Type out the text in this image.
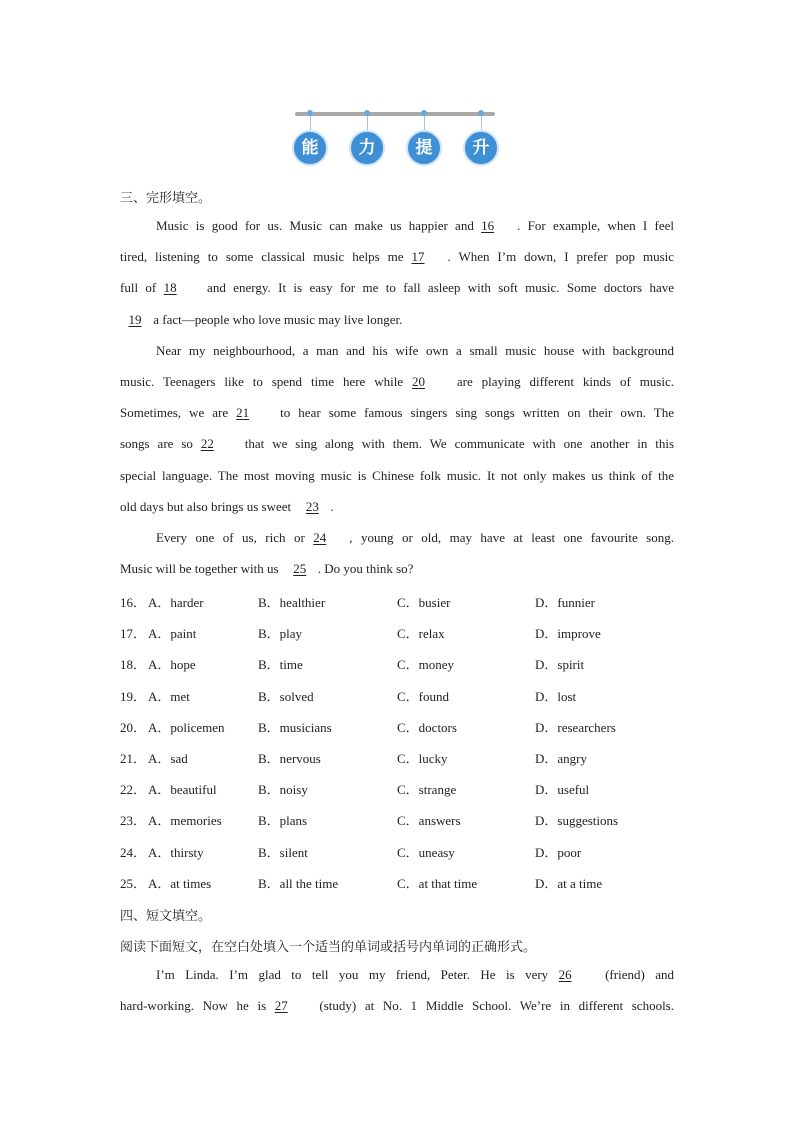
能	力	提	升
三、完形填空。
Music is good for us. Music can make us happier and 16 . For example, when I feel
tired, listening to some classical music helps me 17 . When I’m down, I prefer pop music
full of 18 and energy. It is easy for me to fall asleep with soft music. Some doctors have
19 a fact—people who love music may live longer.
Near my neighbourhood, a man and his wife own a small music house with background
music. Teenagers like to spend time here while 20 are playing different kinds of music.
Sometimes, we are 21 to hear some famous singers sing songs written on their own. The
songs are so 22 that we sing along with them. We communicate with one another in this
special language. The most moving music is Chinese folk music. It not only makes us think of the
old days but also brings us sweet 23 .
Every one of us, rich or 24 , young or old, may have at least one favourite song.
Music will be together with us 25 . Do you think so?
16． A．harder	B．healthier	C．busier	D．funnier
17． A．paint	B．play	C．relax	D．improve
18． A．hope	B．time	C．money	D．spirit
19． A．met	B．solved	C．found	D．lost
20． A．policemen	B．musicians	C．doctors	D．researchers
21． A．sad	B．nervous	C．lucky	D．angry
22． A．beautiful	B．noisy	C．strange	D．useful
23． A．memories	B．plans	C．answers	D．suggestions
24． A．thirsty	B．silent	C．uneasy	D．poor
25． A．at times	B．all the time	C．at that time	D．at a time
四、短文填空。
阅读下面短文，在空白处填入一个适当的单词或括号内单词的正确形式。
I’m Linda. I’m glad to tell you my friend, Peter. He is very 26	(friend) and
hard-working. Now he is 27 (study) at No. 1 Middle School. We’re in different schools.
